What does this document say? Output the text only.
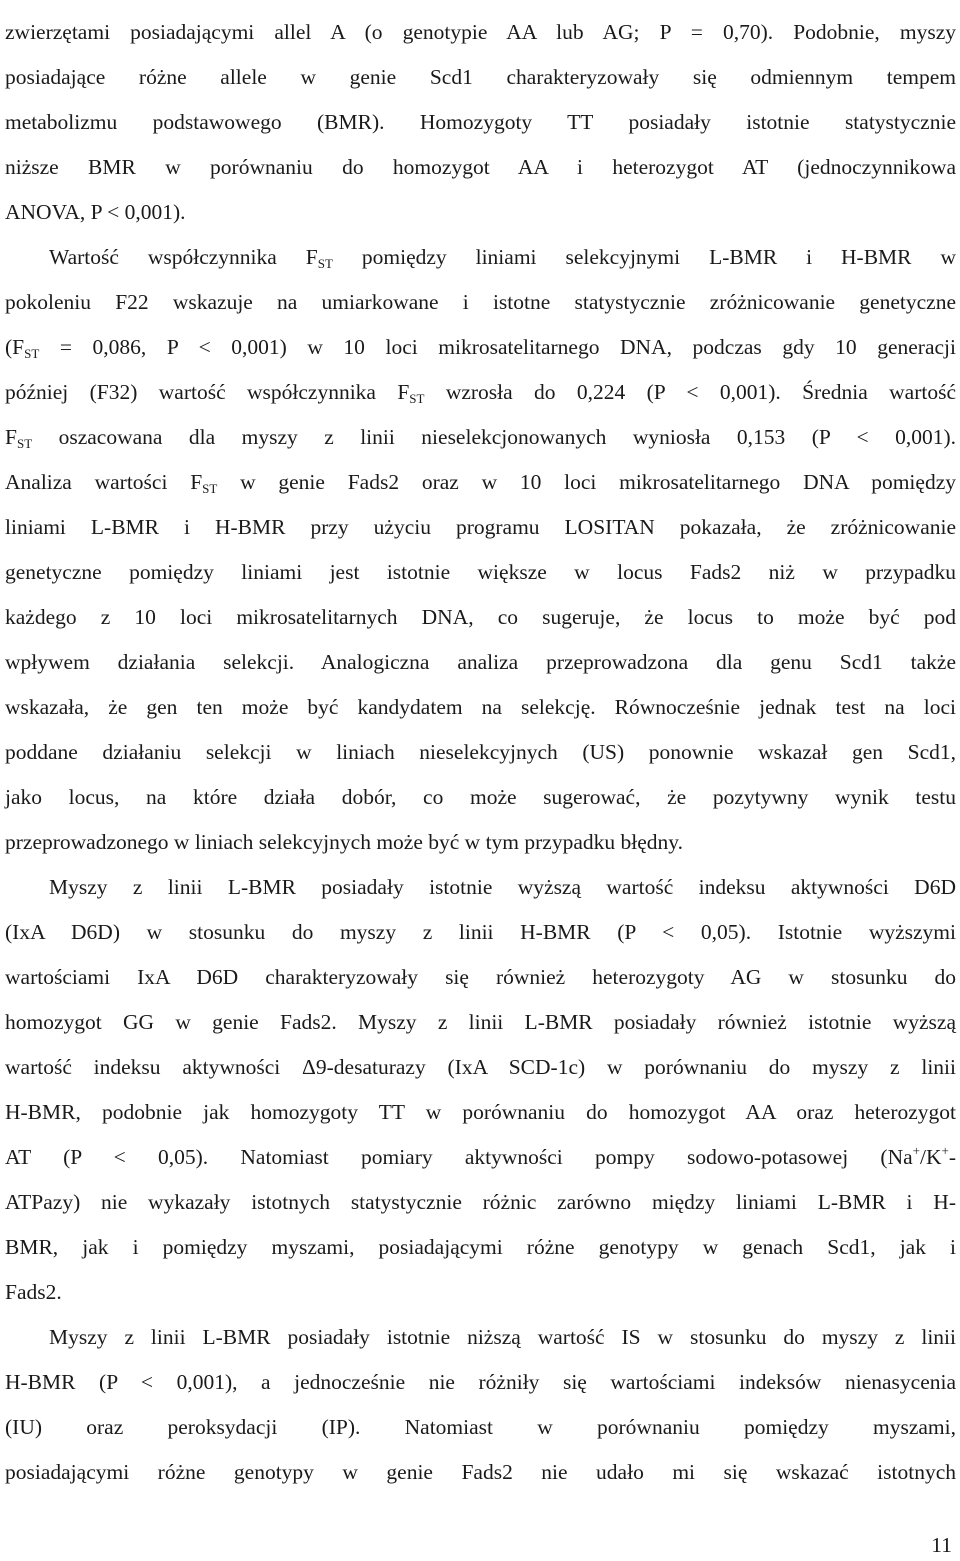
zwierzętami posiadającymi allel A (o genotypie AA lub AG; P = 0,70). Podobnie, myszy
posiadające różne allele w genie Scd1 charakteryzowały się odmiennym tempem
metabolizmu podstawowego (BMR). Homozygoty TT posiadały istotnie statystycznie
niższe BMR w porównaniu do homozygot AA i heterozygot AT (jednoczynnikowa
ANOVA, P < 0,001).
Wartość współczynnika $F_{ST}$ pomiędzy liniami selekcyjnymi L-BMR i H-BMR w
pokoleniu F22 wskazuje na umiarkowane i istotne statystycznie zróżnicowanie genetyczne
($F_{ST} = 0,086$, P < 0,001) w 10 loci mikrosatelitarnego DNA, podczas gdy 10 generacji
później (F32) wartość współczynnika $F_{ST}$ wzrosła do 0,224 (P < 0,001). Średnia wartość
$F_{ST}$ oszacowana dla myszy z linii nieselekcjonowanych wyniosła 0,153 (P < 0,001).
Analiza wartości $F_{ST}$ w genie Fads2 oraz w 10 loci mikrosatelitarnego DNA pomiędzy
liniami L-BMR i H-BMR przy użyciu programu LOSITAN pokazała, że zróżnicowanie
genetyczne pomiędzy liniami jest istotnie większe w locus Fads2 niż w przypadku
każdego z 10 loci mikrosatelitarnych DNA, co sugeruje, że locus to może być pod
wpływem działania selekcji. Analogiczna analiza przeprowadzona dla genu Scd1 także
wskazała, że gen ten może być kandydatem na selekcję. Równocześnie jednak test na loci
poddane działaniu selekcji w liniach nieselekcyjnych (US) ponownie wskazał gen Scd1,
jako locus, na które działa dobór, co może sugerować, że pozytywny wynik testu
przeprowadzonego w liniach selekcyjnych może być w tym przypadku błędny.
Myszy z linii L-BMR posiadały istotnie wyższą wartość indeksu aktywności D6D
(IxA D6D) w stosunku do myszy z linii H-BMR (P < 0,05). Istotnie wyższymi
wartościami IxA D6D charakteryzowały się również heterozygoty AG w stosunku do
homozygot GG w genie Fads2. Myszy z linii L-BMR posiadały również istotnie wyższą
wartość indeksu aktywności Δ9-desaturazy (IxA SCD-1c) w porównaniu do myszy z linii
H-BMR, podobnie jak homozygoty TT w porównaniu do homozygot AA oraz heterozygot
AT (P < 0,05). Natomiast pomiary aktywności pompy sodowo-potasowej (Na+/K+-
ATPazy) nie wykazały istotnych statystycznie różnic zarówno między liniami L-BMR i H-
BMR, jak i pomiędzy myszami, posiadającymi różne genotypy w genach Scd1, jak i
Fads2.
Myszy z linii L-BMR posiadały istotnie niższą wartość IS w stosunku do myszy z linii
H-BMR (P < 0,001), a jednocześnie nie różniły się wartościami indeksów nienasycenia
(IU) oraz peroksydacji (IP). Natomiast w porównaniu pomiędzy myszami,
posiadającymi różne genotypy w genie Fads2 nie udało mi się wskazać istotnych
11
